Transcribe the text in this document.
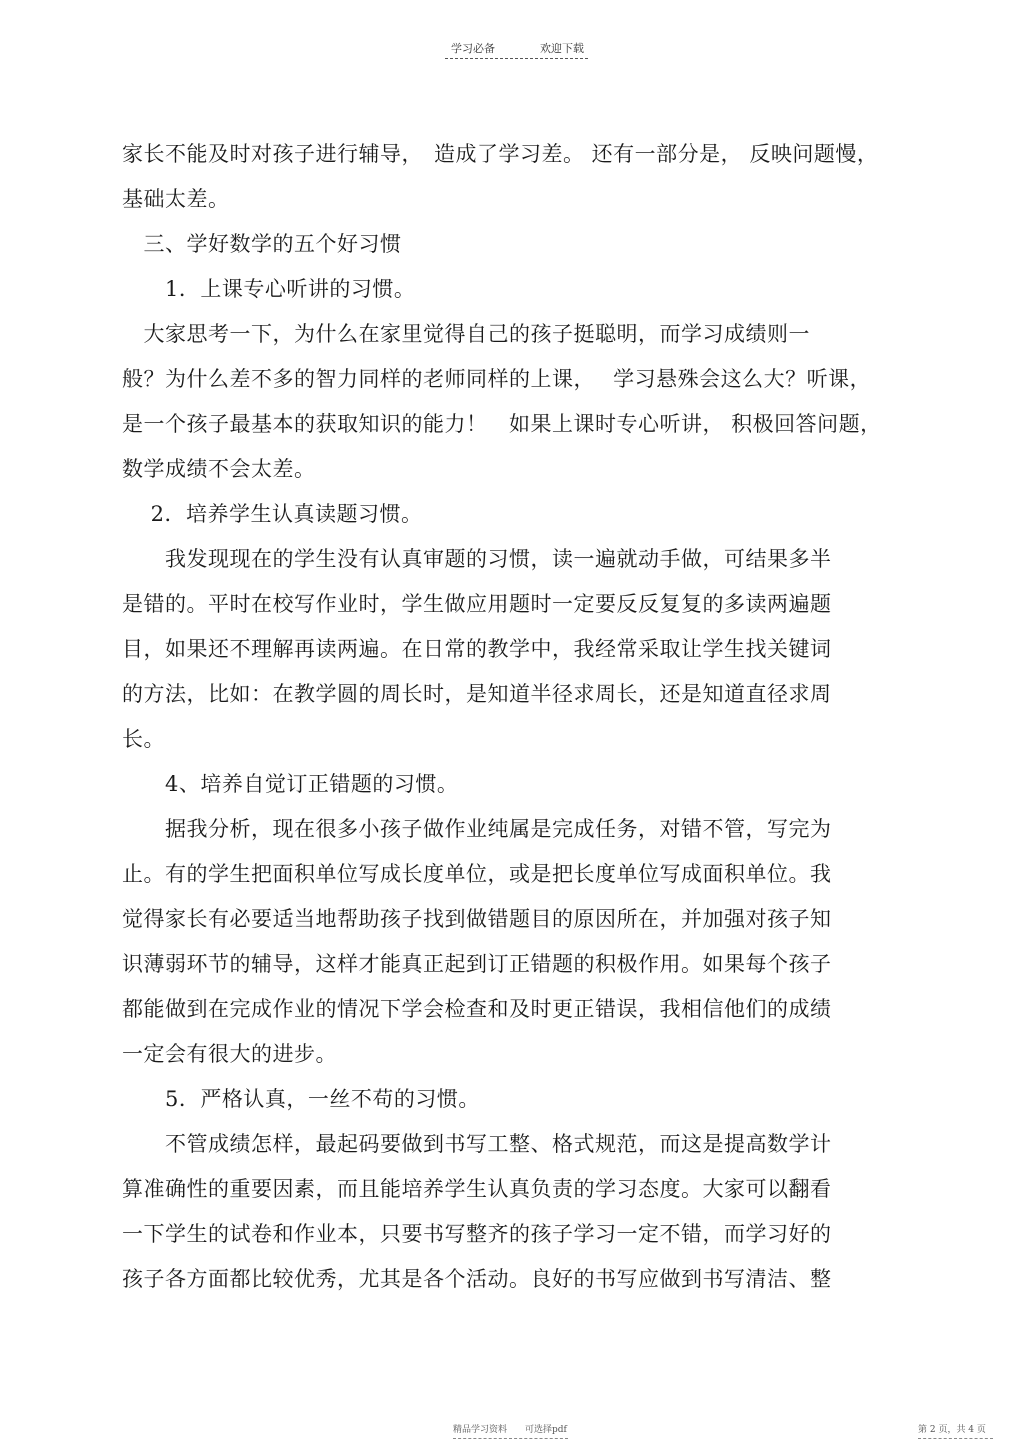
学习必备	欢迎下载
家长不能及时对孩子进行辅导，　造成了学习差。 还有一部分是， 反映问题慢，
基础太差。
　三、学好数学的五个好习惯
　　1．上课专心听讲的习惯。
　大家思考一下，为什么在家里觉得自己的孩子挺聪明，而学习成绩则一
般？为什么差不多的智力同样的老师同样的上课，　 学习悬殊会这么大？听课，
是一个孩子最基本的获取知识的能力！　如果上课时专心听讲， 积极回答问题，
数学成绩不会太差。
　 2．培养学生认真读题习惯。
　　我发现现在的学生没有认真审题的习惯，读一遍就动手做，可结果多半
是错的。平时在校写作业时，学生做应用题时一定要反反复复的多读两遍题
目，如果还不理解再读两遍。在日常的教学中，我经常采取让学生找关键词
的方法，比如：在教学圆的周长时，是知道半径求周长，还是知道直径求周
长。
　　4、培养自觉订正错题的习惯。
　　据我分析，现在很多小孩子做作业纯属是完成任务，对错不管，写完为
止。有的学生把面积单位写成长度单位，或是把长度单位写成面积单位。我
觉得家长有必要适当地帮助孩子找到做错题目的原因所在，并加强对孩子知
识薄弱环节的辅导，这样才能真正起到订正错题的积极作用。如果每个孩子
都能做到在完成作业的情况下学会检查和及时更正错误，我相信他们的成绩
一定会有很大的进步。
　　5．严格认真，一丝不苟的习惯。
　　不管成绩怎样，最起码要做到书写工整、格式规范，而这是提高数学计
算准确性的重要因素，而且能培养学生认真负责的学习态度。大家可以翻看
一下学生的试卷和作业本，只要书写整齐的孩子学习一定不错，而学习好的
孩子各方面都比较优秀，尤其是各个活动。良好的书写应做到书写清洁、整
精品学习资料　　可选择pdf	第 2 页，共 4 页
